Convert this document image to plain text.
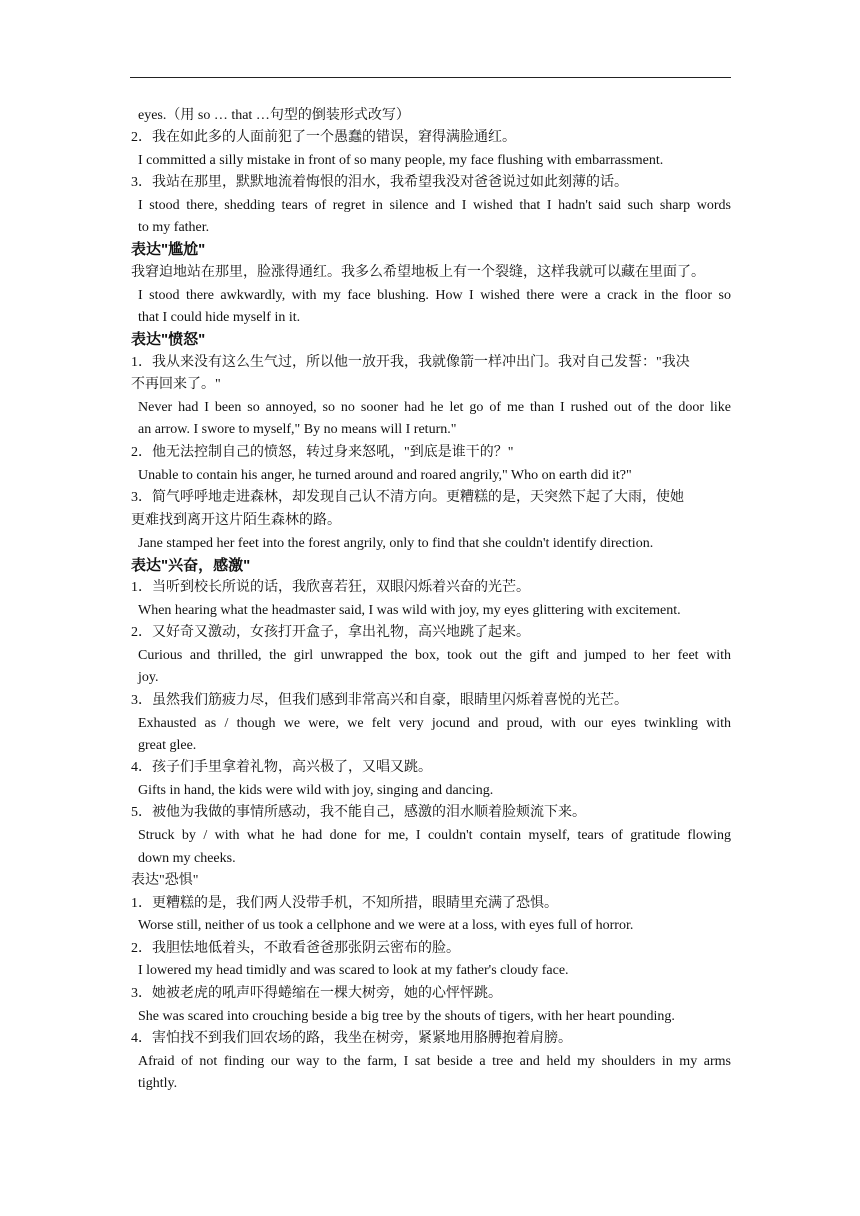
eyes.（用 so … that …句型的倒装形式改写）
2．我在如此多的人面前犯了一个愚蠢的错误，窘得满脸通红。
I committed a silly mistake in front of so many people, my face flushing with embarrassment.
3．我站在那里，默默地流着悔恨的泪水，我希望我没对爸爸说过如此刻薄的话。
I stood there, shedding tears of regret in silence and I wished that I hadn't said such sharp words
to my father.
表达"尴尬"
我窘迫地站在那里，脸涨得通红。我多么希望地板上有一个裂缝，这样我就可以藏在里面了。
I stood there awkwardly, with my face blushing. How I wished there were a crack in the floor so
that I could hide myself in it.
表达"愤怒"
1．我从来没有这么生气过，所以他一放开我，我就像箭一样冲出门。我对自己发誓："我决
不再回来了。"
Never had I been so annoyed, so no sooner had he let go of me than I rushed out of the door like
an arrow. I swore to myself," By no means will I return."
2．他无法控制自己的愤怒，转过身来怒吼，"到底是谁干的？"
Unable to contain his anger, he turned around and roared angrily," Who on earth did it?"
3．简气呼呼地走进森林，却发现自己认不清方向。更糟糕的是，天突然下起了大雨，使她
更难找到离开这片陌生森林的路。
Jane stamped her feet into the forest angrily, only to find that she couldn't identify direction.
表达"兴奋，感激"
1．当听到校长所说的话，我欣喜若狂，双眼闪烁着兴奋的光芒。
When hearing what the headmaster said, I was wild with joy, my eyes glittering with excitement.
2．又好奇又激动，女孩打开盒子，拿出礼物，高兴地跳了起来。
Curious and thrilled, the girl unwrapped the box, took out the gift and jumped to her feet with
joy.
3．虽然我们筋疲力尽，但我们感到非常高兴和自豪，眼睛里闪烁着喜悦的光芒。
Exhausted as / though we were, we felt very jocund and proud, with our eyes twinkling with
great glee.
4．孩子们手里拿着礼物，高兴极了，又唱又跳。
Gifts in hand, the kids were wild with joy, singing and dancing.
5．被他为我做的事情所感动，我不能自己，感激的泪水顺着脸颊流下来。
Struck by / with what he had done for me, I couldn't contain myself, tears of gratitude flowing
down my cheeks.
表达"恐惧"
1．更糟糕的是，我们两人没带手机，不知所措，眼睛里充满了恐惧。
Worse still, neither of us took a cellphone and we were at a loss, with eyes full of horror.
2．我胆怯地低着头，不敢看爸爸那张阴云密布的脸。
I lowered my head timidly and was scared to look at my father's cloudy face.
3．她被老虎的吼声吓得蜷缩在一棵大树旁，她的心怦怦跳。
She was scared into crouching beside a big tree by the shouts of tigers, with her heart pounding.
4．害怕找不到我们回农场的路，我坐在树旁，紧紧地用胳膊抱着肩膀。
Afraid of not finding our way to the farm, I sat beside a tree and held my shoulders in my arms
tightly.
